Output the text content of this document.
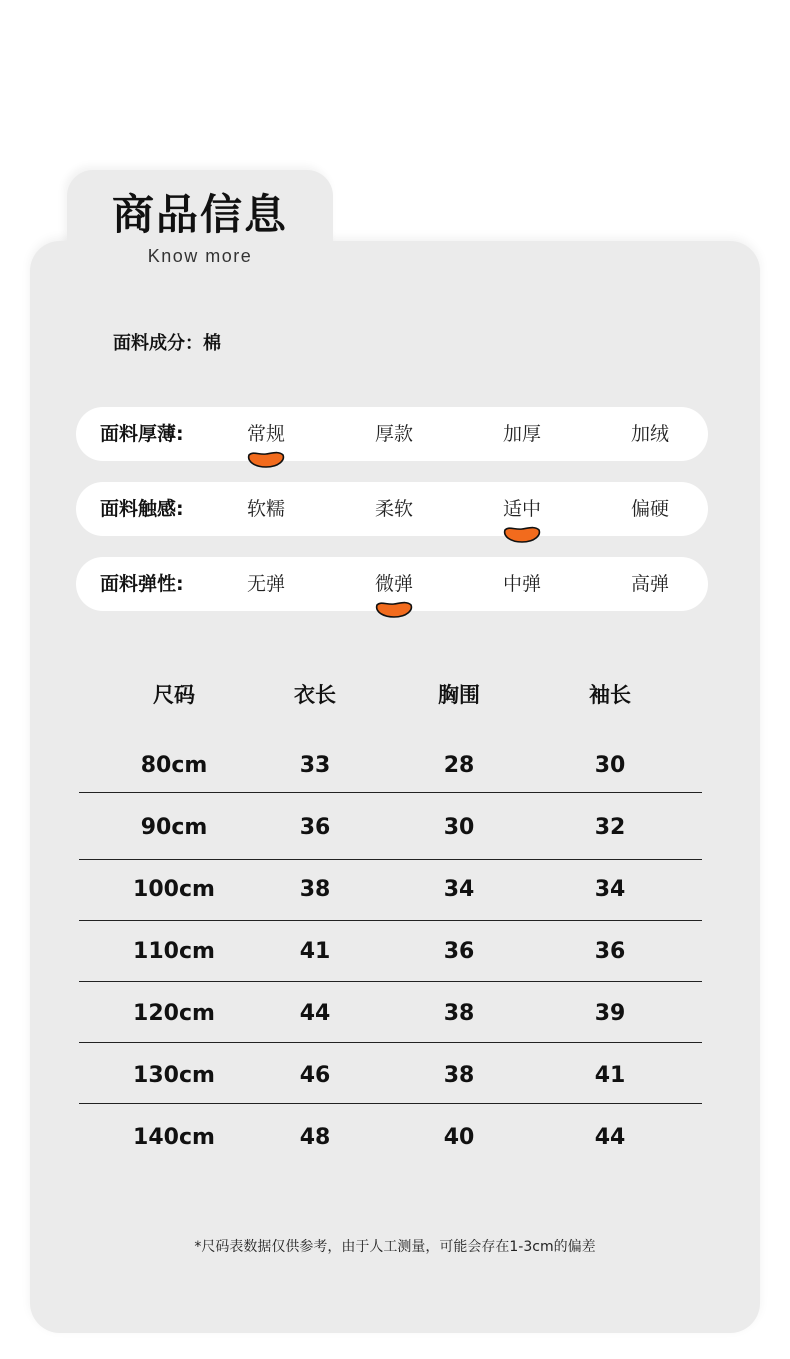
商品信息
Know more
面料成分：棉
面料厚薄:	常规	厚款	加厚	加绒
面料触感:	软糯	柔软	适中	偏硬
面料弹性:	无弹	微弹	中弹	高弹
尺码	衣长	胸围	袖长
80cm	33	28	30
90cm	36	30	32
100cm	38	34	34
110cm	41	36	36
120cm	44	38	39
130cm	46	38	41
140cm	48	40	44
*尺码表数据仅供参考，由于人工测量，可能会存在1-3cm的偏差
